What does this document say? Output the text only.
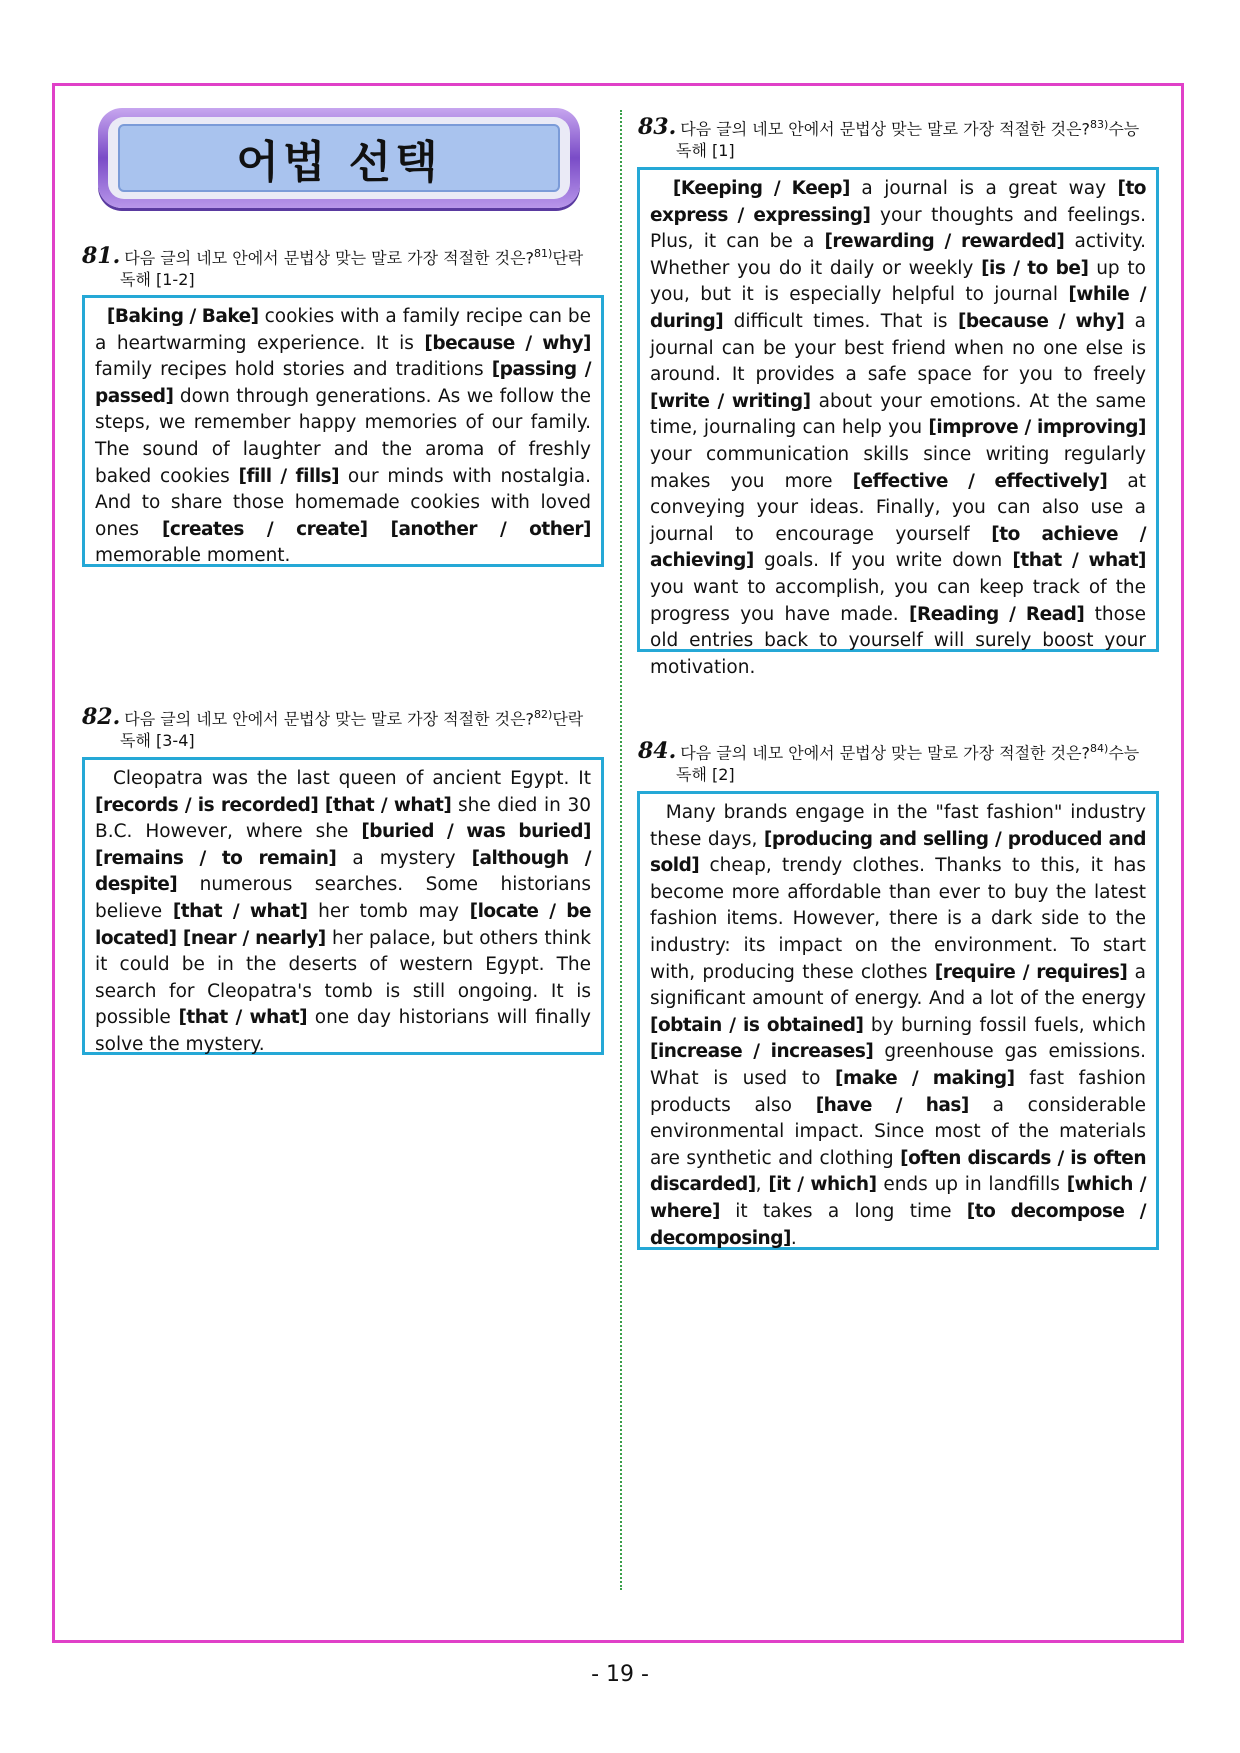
어법 선택
81. 다음 글의 네모 안에서 문법상 맞는 말로 가장 적절한 것은?$^{81)}$단락
독해 [1-2]
[Baking / Bake] cookies with a family recipe can be a heartwarming experience. It is [because / why] family recipes hold stories and traditions [passing / passed] down through generations. As we follow the steps, we remember happy memories of our family. The sound of laughter and the aroma of freshly baked cookies [fill / fills] our minds with nostalgia. And to share those homemade cookies with loved ones [creates / create] [another / other] memorable moment.
82. 다음 글의 네모 안에서 문법상 맞는 말로 가장 적절한 것은?$^{82)}$단락
독해 [3-4]
Cleopatra was the last queen of ancient Egypt. It [records / is recorded] [that / what] she died in 30 B.C. However, where she [buried / was buried] [remains / to remain] a mystery [although / despite] numerous searches. Some historians believe [that / what] her tomb may [locate / be located] [near / nearly] her palace, but others think it could be in the deserts of western Egypt. The search for Cleopatra's tomb is still ongoing. It is possible [that / what] one day historians will finally solve the mystery.
83. 다음 글의 네모 안에서 문법상 맞는 말로 가장 적절한 것은?$^{83)}$수능
독해 [1]
[Keeping / Keep] a journal is a great way [to express / expressing] your thoughts and feelings. Plus, it can be a [rewarding / rewarded] activity. Whether you do it daily or weekly [is / to be] up to you, but it is especially helpful to journal [while / during] difficult times. That is [because / why] a journal can be your best friend when no one else is around. It provides a safe space for you to freely [write / writing] about your emotions. At the same time, journaling can help you [improve / improving] your communication skills since writing regularly makes you more [effective / effectively] at conveying your ideas. Finally, you can also use a journal to encourage yourself [to achieve / achieving] goals. If you write down [that / what] you want to accomplish, you can keep track of the progress you have made. [Reading / Read] those old entries back to yourself will surely boost your motivation.
84. 다음 글의 네모 안에서 문법상 맞는 말로 가장 적절한 것은?$^{84)}$수능
독해 [2]
Many brands engage in the "fast fashion" industry these days, [producing and selling / produced and sold] cheap, trendy clothes. Thanks to this, it has become more affordable than ever to buy the latest fashion items. However, there is a dark side to the industry: its impact on the environment. To start with, producing these clothes [require / requires] a significant amount of energy. And a lot of the energy [obtain / is obtained] by burning fossil fuels, which [increase / increases] greenhouse gas emissions. What is used to [make / making] fast fashion products also [have / has] a considerable environmental impact. Since most of the materials are synthetic and clothing [often discards / is often discarded], [it / which] ends up in landfills [which / where] it takes a long time [to decompose / decomposing].
- 19 -
